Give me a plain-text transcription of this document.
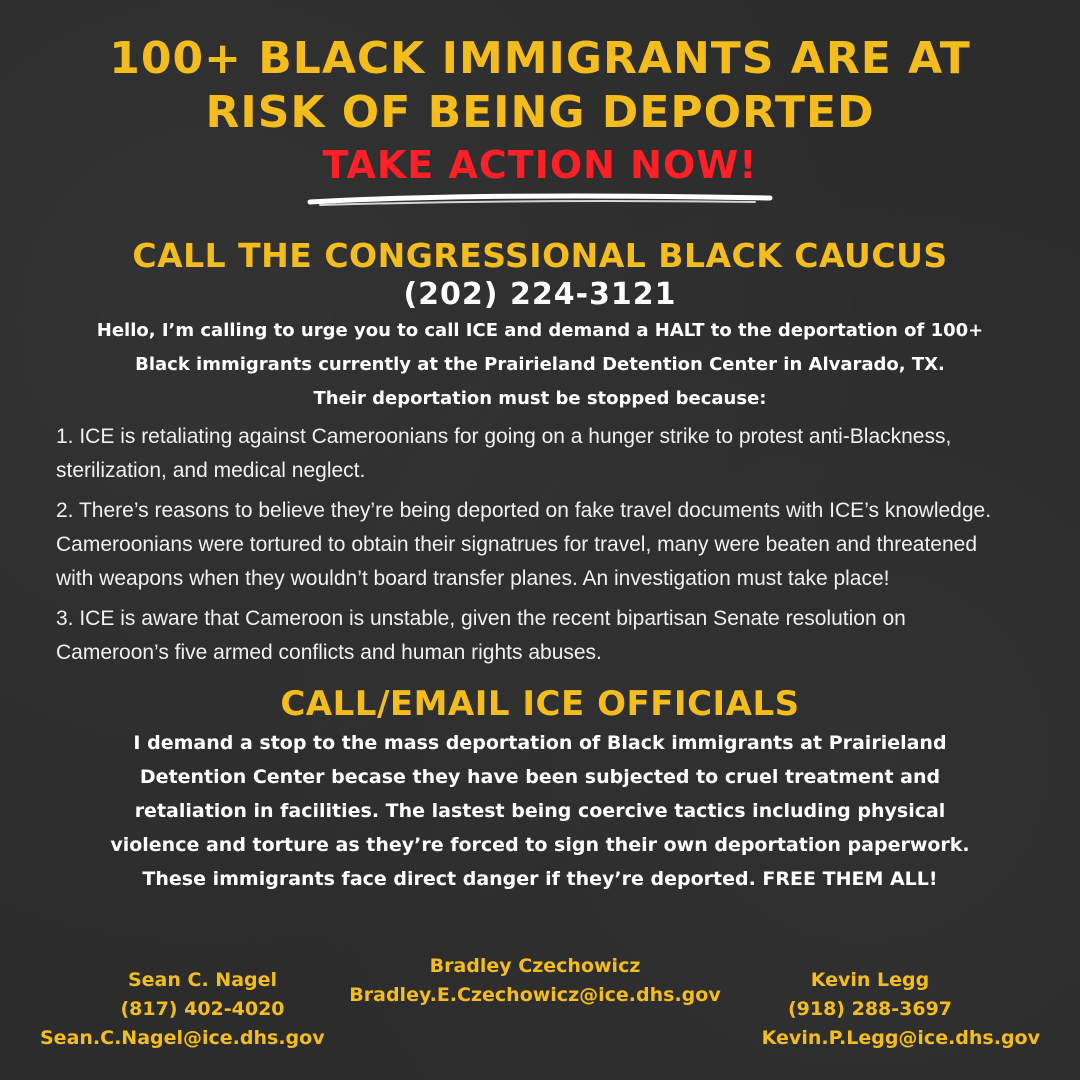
100+ BLACK IMMIGRANTS ARE AT
RISK OF BEING DEPORTED
TAKE ACTION NOW!
CALL THE CONGRESSIONAL BLACK CAUCUS
(202) 224-3121

Hello, I’m calling to urge you to call ICE and demand a HALT to the deportation of 100+
Black immigrants currently at the Prairieland Detention Center in Alvarado, TX.
Their deportation must be stopped because:

1. ICE is retaliating against Cameroonians for going on a hunger strike to protest anti-Blackness, sterilization, and medical neglect.
2. There’s reasons to believe they’re being deported on fake travel documents with ICE’s knowledge. Cameroonians were tortured to obtain their signatrues for travel, many were beaten and threatened with weapons when they wouldn’t board transfer planes. An investigation must take place!
3. ICE is aware that Cameroon is unstable, given the recent bipartisan Senate resolution on Cameroon’s five armed conflicts and human rights abuses.
CALL/EMAIL ICE OFFICIALS

I demand a stop to the mass deportation of Black immigrants at Prairieland
Detention Center becase they have been subjected to cruel treatment and
retaliation in facilities. The lastest being coercive tactics including physical
violence and torture as they’re forced to sign their own deportation paperwork.
These immigrants face direct danger if they’re deported. FREE THEM ALL!

Sean C. Nagel
(817) 402-4020
Sean.C.Nagel@ice.dhs.gov
Bradley Czechowicz
Bradley.E.Czechowicz@ice.dhs.gov
Kevin Legg
(918) 288-3697
Kevin.P.Legg@ice.dhs.gov
